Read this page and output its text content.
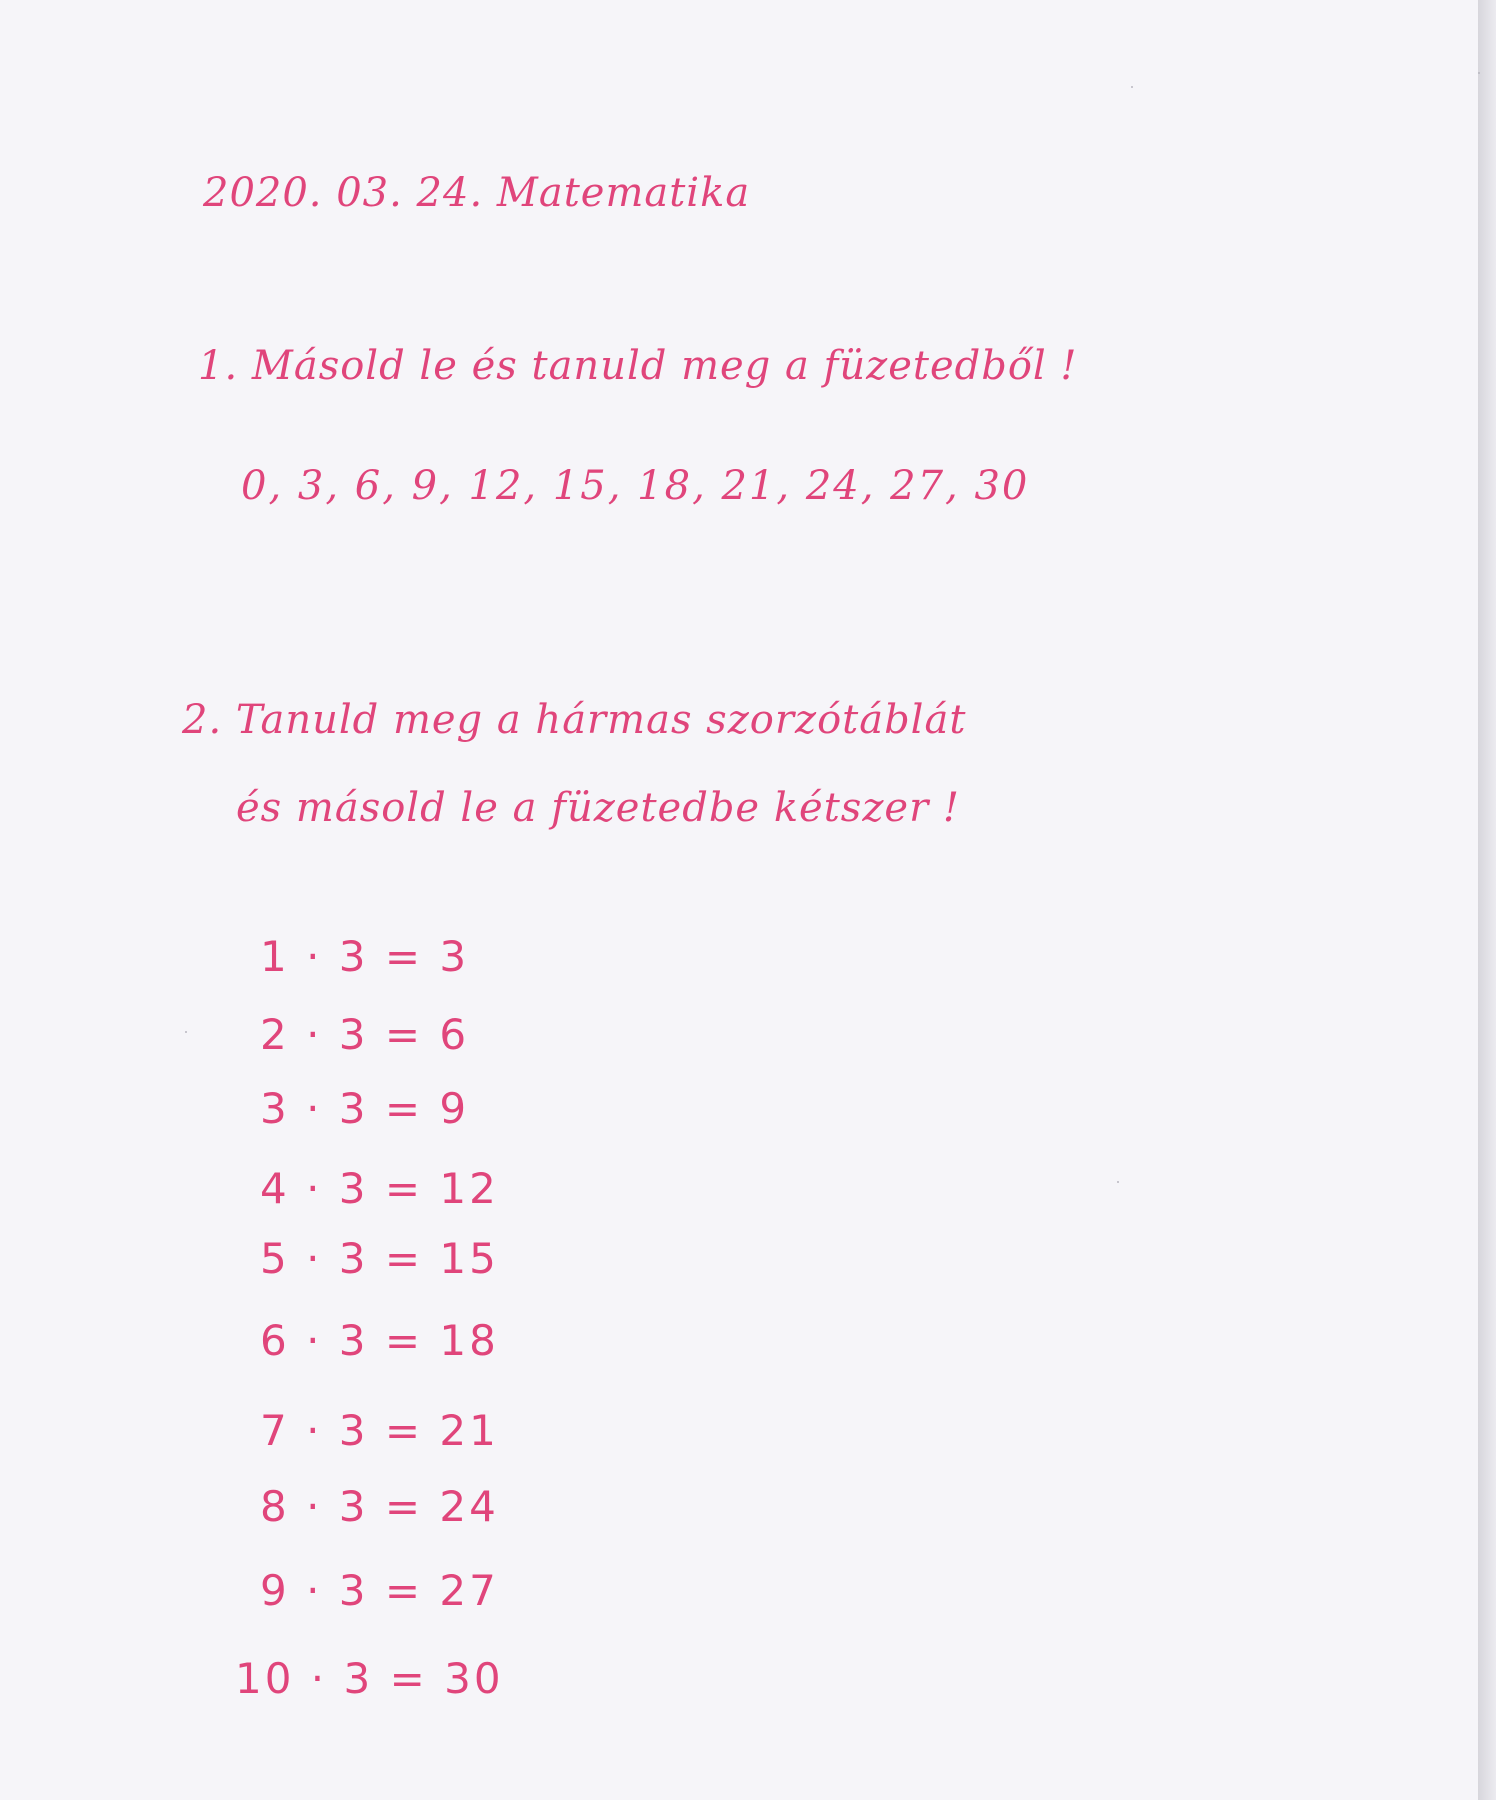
2020. 03. 24. Matematika
1. Másold le és tanuld meg a füzetedből !
0, 3, 6, 9, 12, 15, 18, 21, 24, 27, 30
2. Tanuld meg a hármas szorzótáblát
és másold le a füzetedbe kétszer !
1 · 3 = 3
2 · 3 = 6
3 · 3 = 9
4 · 3 = 12
5 · 3 = 15
6 · 3 = 18
7 · 3 = 21
8 · 3 = 24
9 · 3 = 27
10 · 3 = 30
